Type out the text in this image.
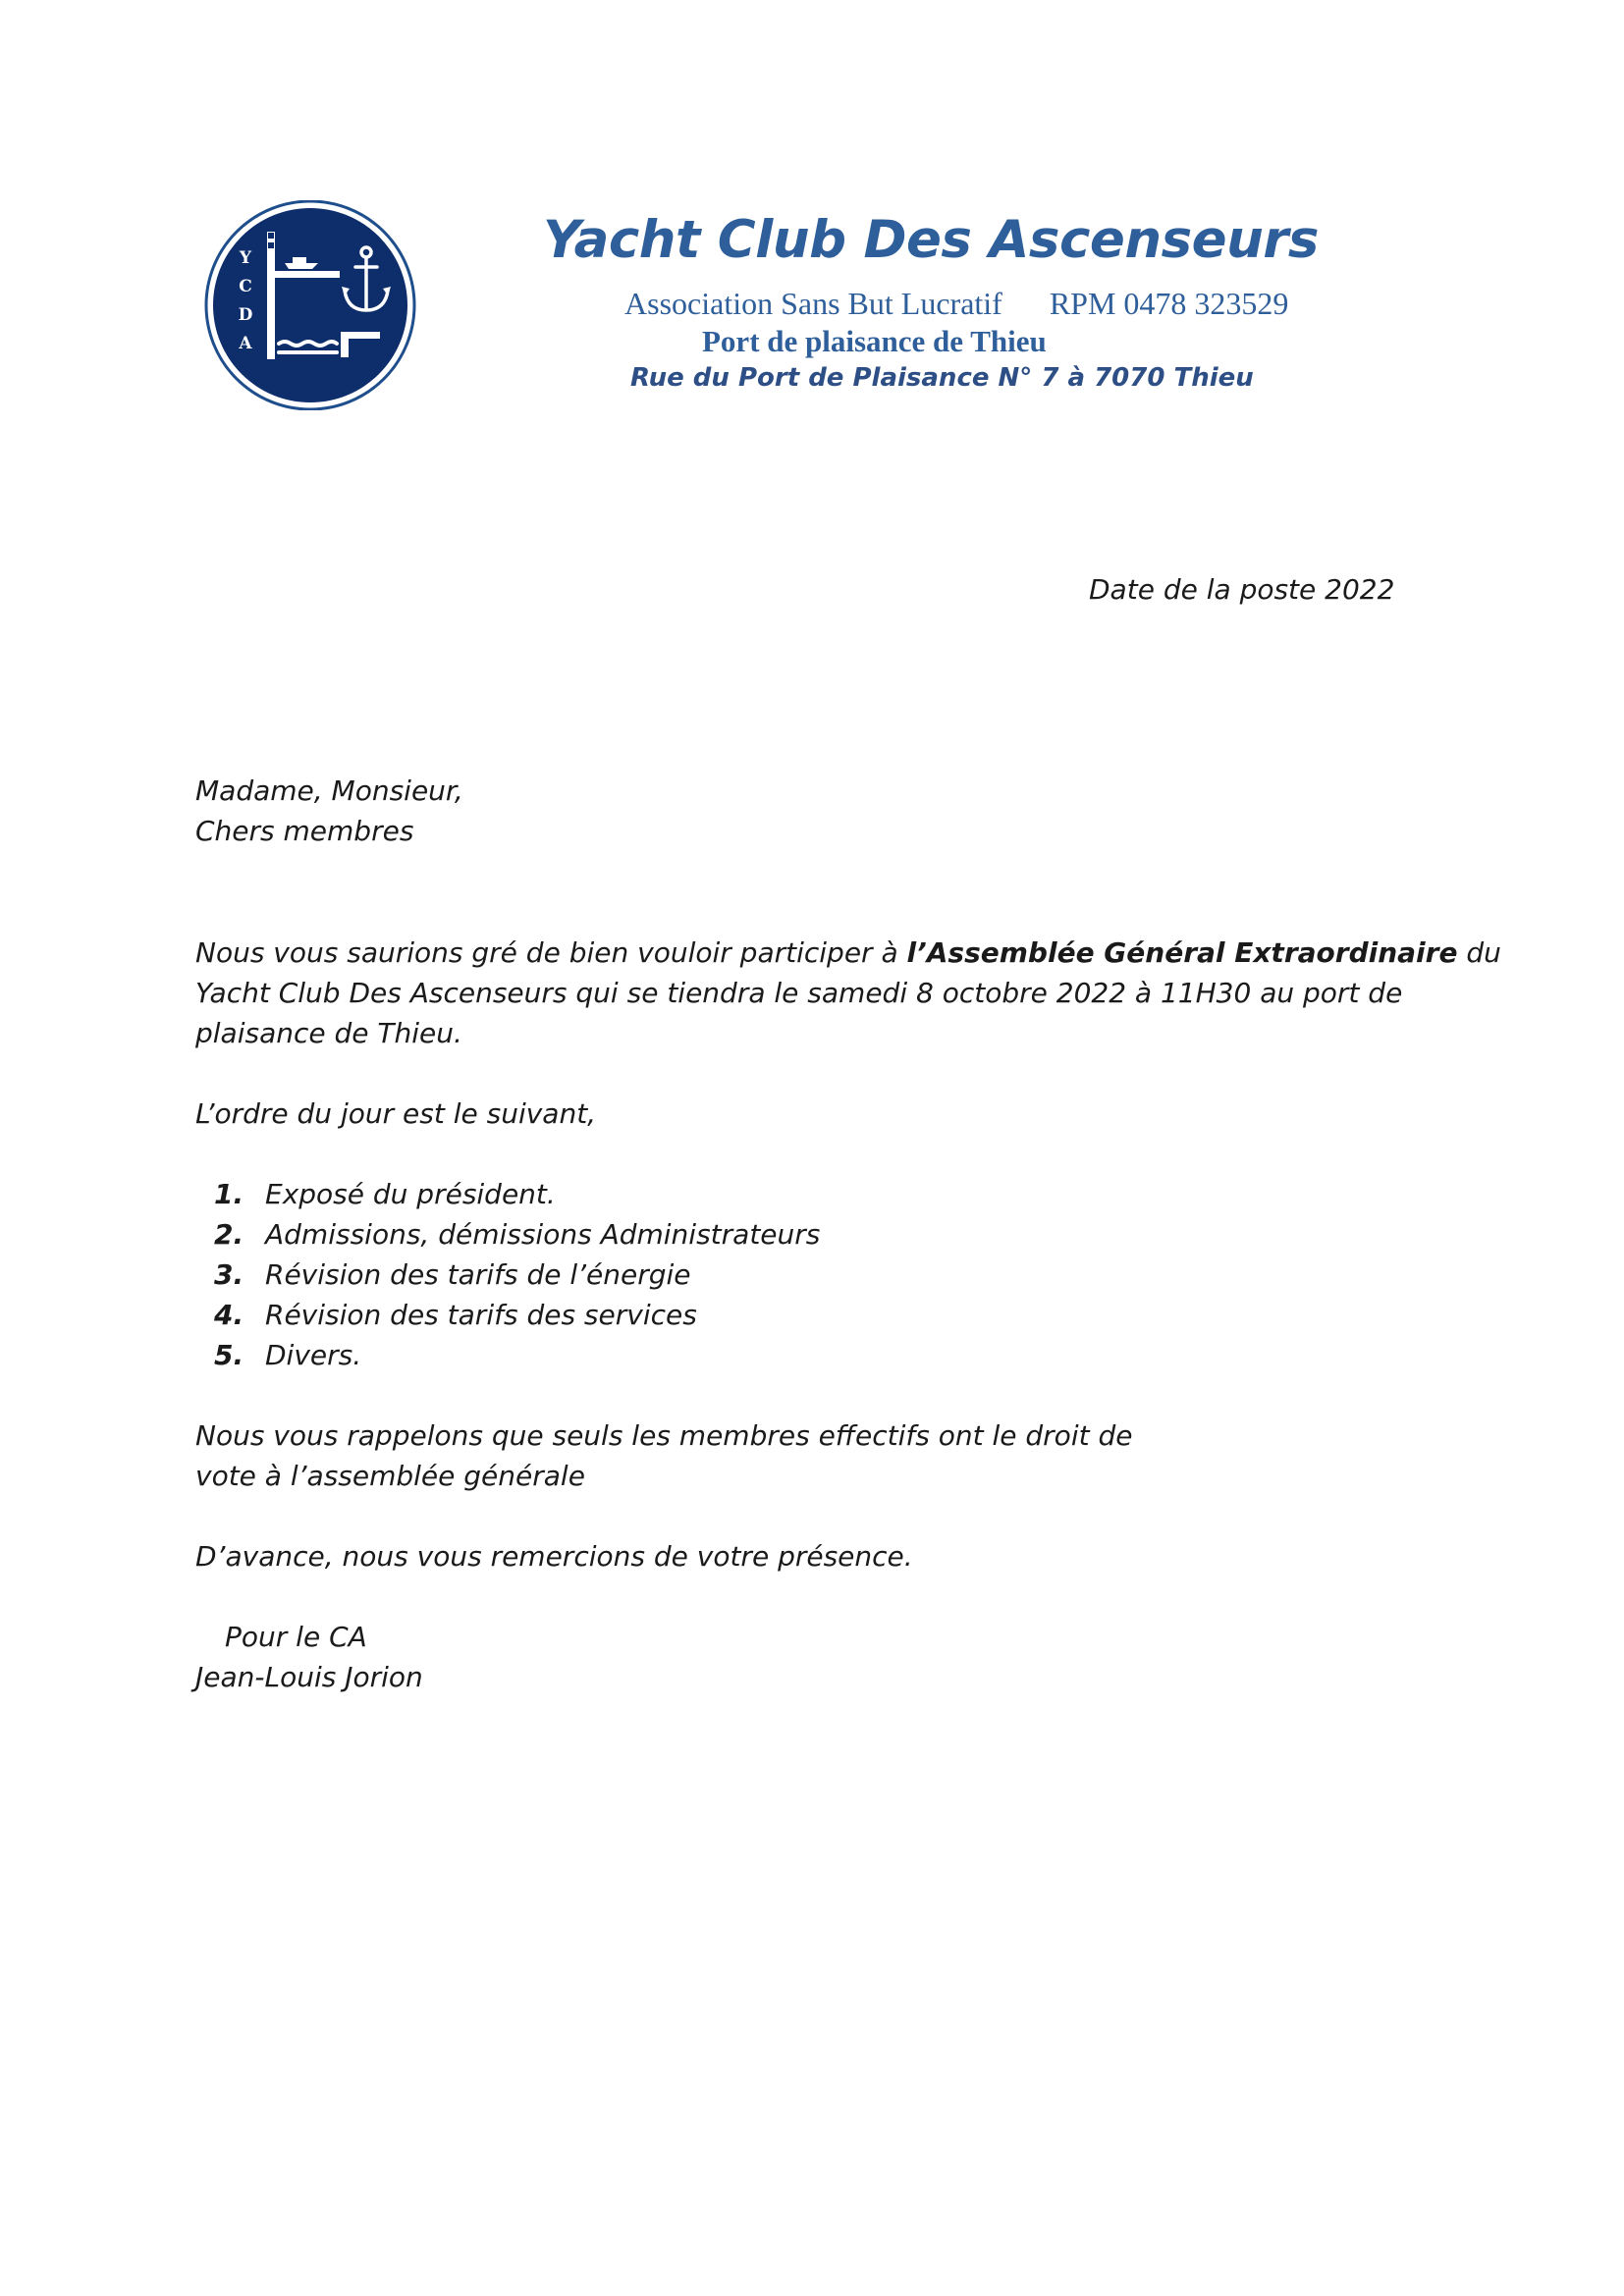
Y
C
D
A
Yacht Club Des Ascenseurs
Association Sans But Lucratif RPM 0478 323529
Port de plaisance de Thieu
Rue du Port de Plaisance N° 7 à 7070 Thieu
Date de la poste 2022
Madame, Monsieur,
Chers membres
Nous vous saurions gré de bien vouloir participer à l’Assemblée Général Extraordinaire du
Yacht Club Des Ascenseurs qui se tiendra le samedi 8 octobre 2022 à 11H30 au port de
plaisance de Thieu.
L’ordre du jour est le suivant,
1. Exposé du président.
2. Admissions, démissions Administrateurs
3. Révision des tarifs de l’énergie
4. Révision des tarifs des services
5. Divers.
Nous vous rappelons que seuls les membres effectifs ont le droit de
vote à l’assemblée générale
D’avance, nous vous remercions de votre présence.
Pour le CA
Jean-Louis Jorion
